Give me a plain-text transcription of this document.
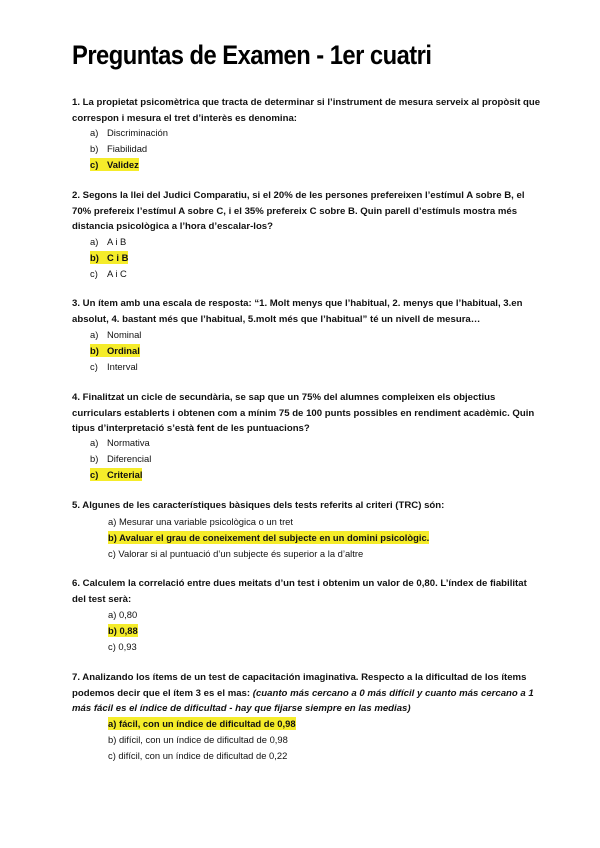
Preguntas de Examen - 1er cuatri
1. La propietat psicomètrica que tracta de determinar si l’instrument de mesura serveix al propòsit que correspon i mesura el tret d’interès es denomina:
a) Discriminación
b) Fiabilidad
c) Validez
2. Segons la llei del Judici Comparatiu, si el 20% de les persones prefereixen l’estímul A sobre B, el 70% prefereix l’estímul A sobre C, i el 35% prefereix C sobre B. Quin parell d’estímuls mostra més distancia psicològica a l’hora d’escalar-los?
a) A i B
b) C i B
c) A i C
3. Un ítem amb una escala de resposta: “1. Molt menys que l’habitual, 2. menys que l’habitual, 3.en absolut, 4. bastant més que l’habitual, 5.molt més que l’habitual” té un nivell de mesura…
a) Nominal
b) Ordinal
c) Interval
4. Finalitzat un cicle de secundària, se sap que un 75% del alumnes compleixen els objectius curriculars establerts i obtenen com a mínim 75 de 100 punts possibles en rendiment acadèmic. Quin tipus d’interpretació s’està fent de les puntuacions?
a) Normativa
b) Diferencial
c) Criterial
5. Algunes de les característiques bàsiques dels tests referits al criteri (TRC) són:
a) Mesurar una variable psicològica o un tret
b) Avaluar el grau de coneixement del subjecte en un domini psicològic.
c) Valorar si al puntuació d’un subjecte és superior a la d’altre
6. Calculem la correlació entre dues meitats d’un test i obtenim un valor de 0,80. L’índex de fiabilitat del test serà:
a) 0,80
b) 0,88
c) 0,93
7. Analizando los ítems de un test de capacitación imaginativa. Respecto a la dificultad de los ítems podemos decir que el ítem 3 es el mas: (cuanto más cercano a 0 más difícil y cuanto más cercano a 1 más fácil es el índice de dificultad - hay que fijarse siempre en las medias)
a) fácil, con un índice de dificultad de 0,98
b) difícil, con un índice de dificultad de 0,98
c) difícil, con un índice de dificultad de 0,22
